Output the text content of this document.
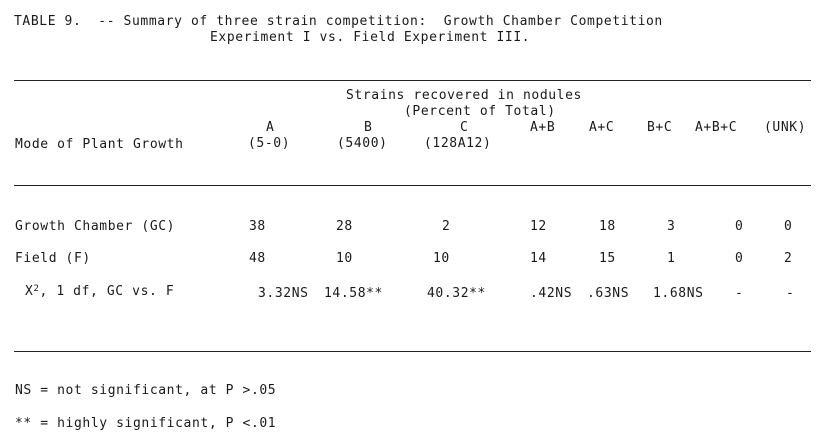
TABLE 9.  -- Summary of three strain competition:  Growth Chamber Competition
Experiment I vs. Field Experiment III.
Strains recovered in nodules
(Percent of Total)
A	B	C	A+B	A+C	B+C A+B+C (UNK)
Mode of Plant Growth	(5-0)	(5400)	(128A12)
Growth Chamber (GC)	38	28	2	12	18	3	0	0
Field (F)	48	10	10	14	15	1	0	2
$X^2$, 1 df, GC vs. F	3.32NS 14.58**	40.32**	.42NS .63NS 1.68NS -	-
NS = not significant, at P >.05
** = highly significant, P <.01
